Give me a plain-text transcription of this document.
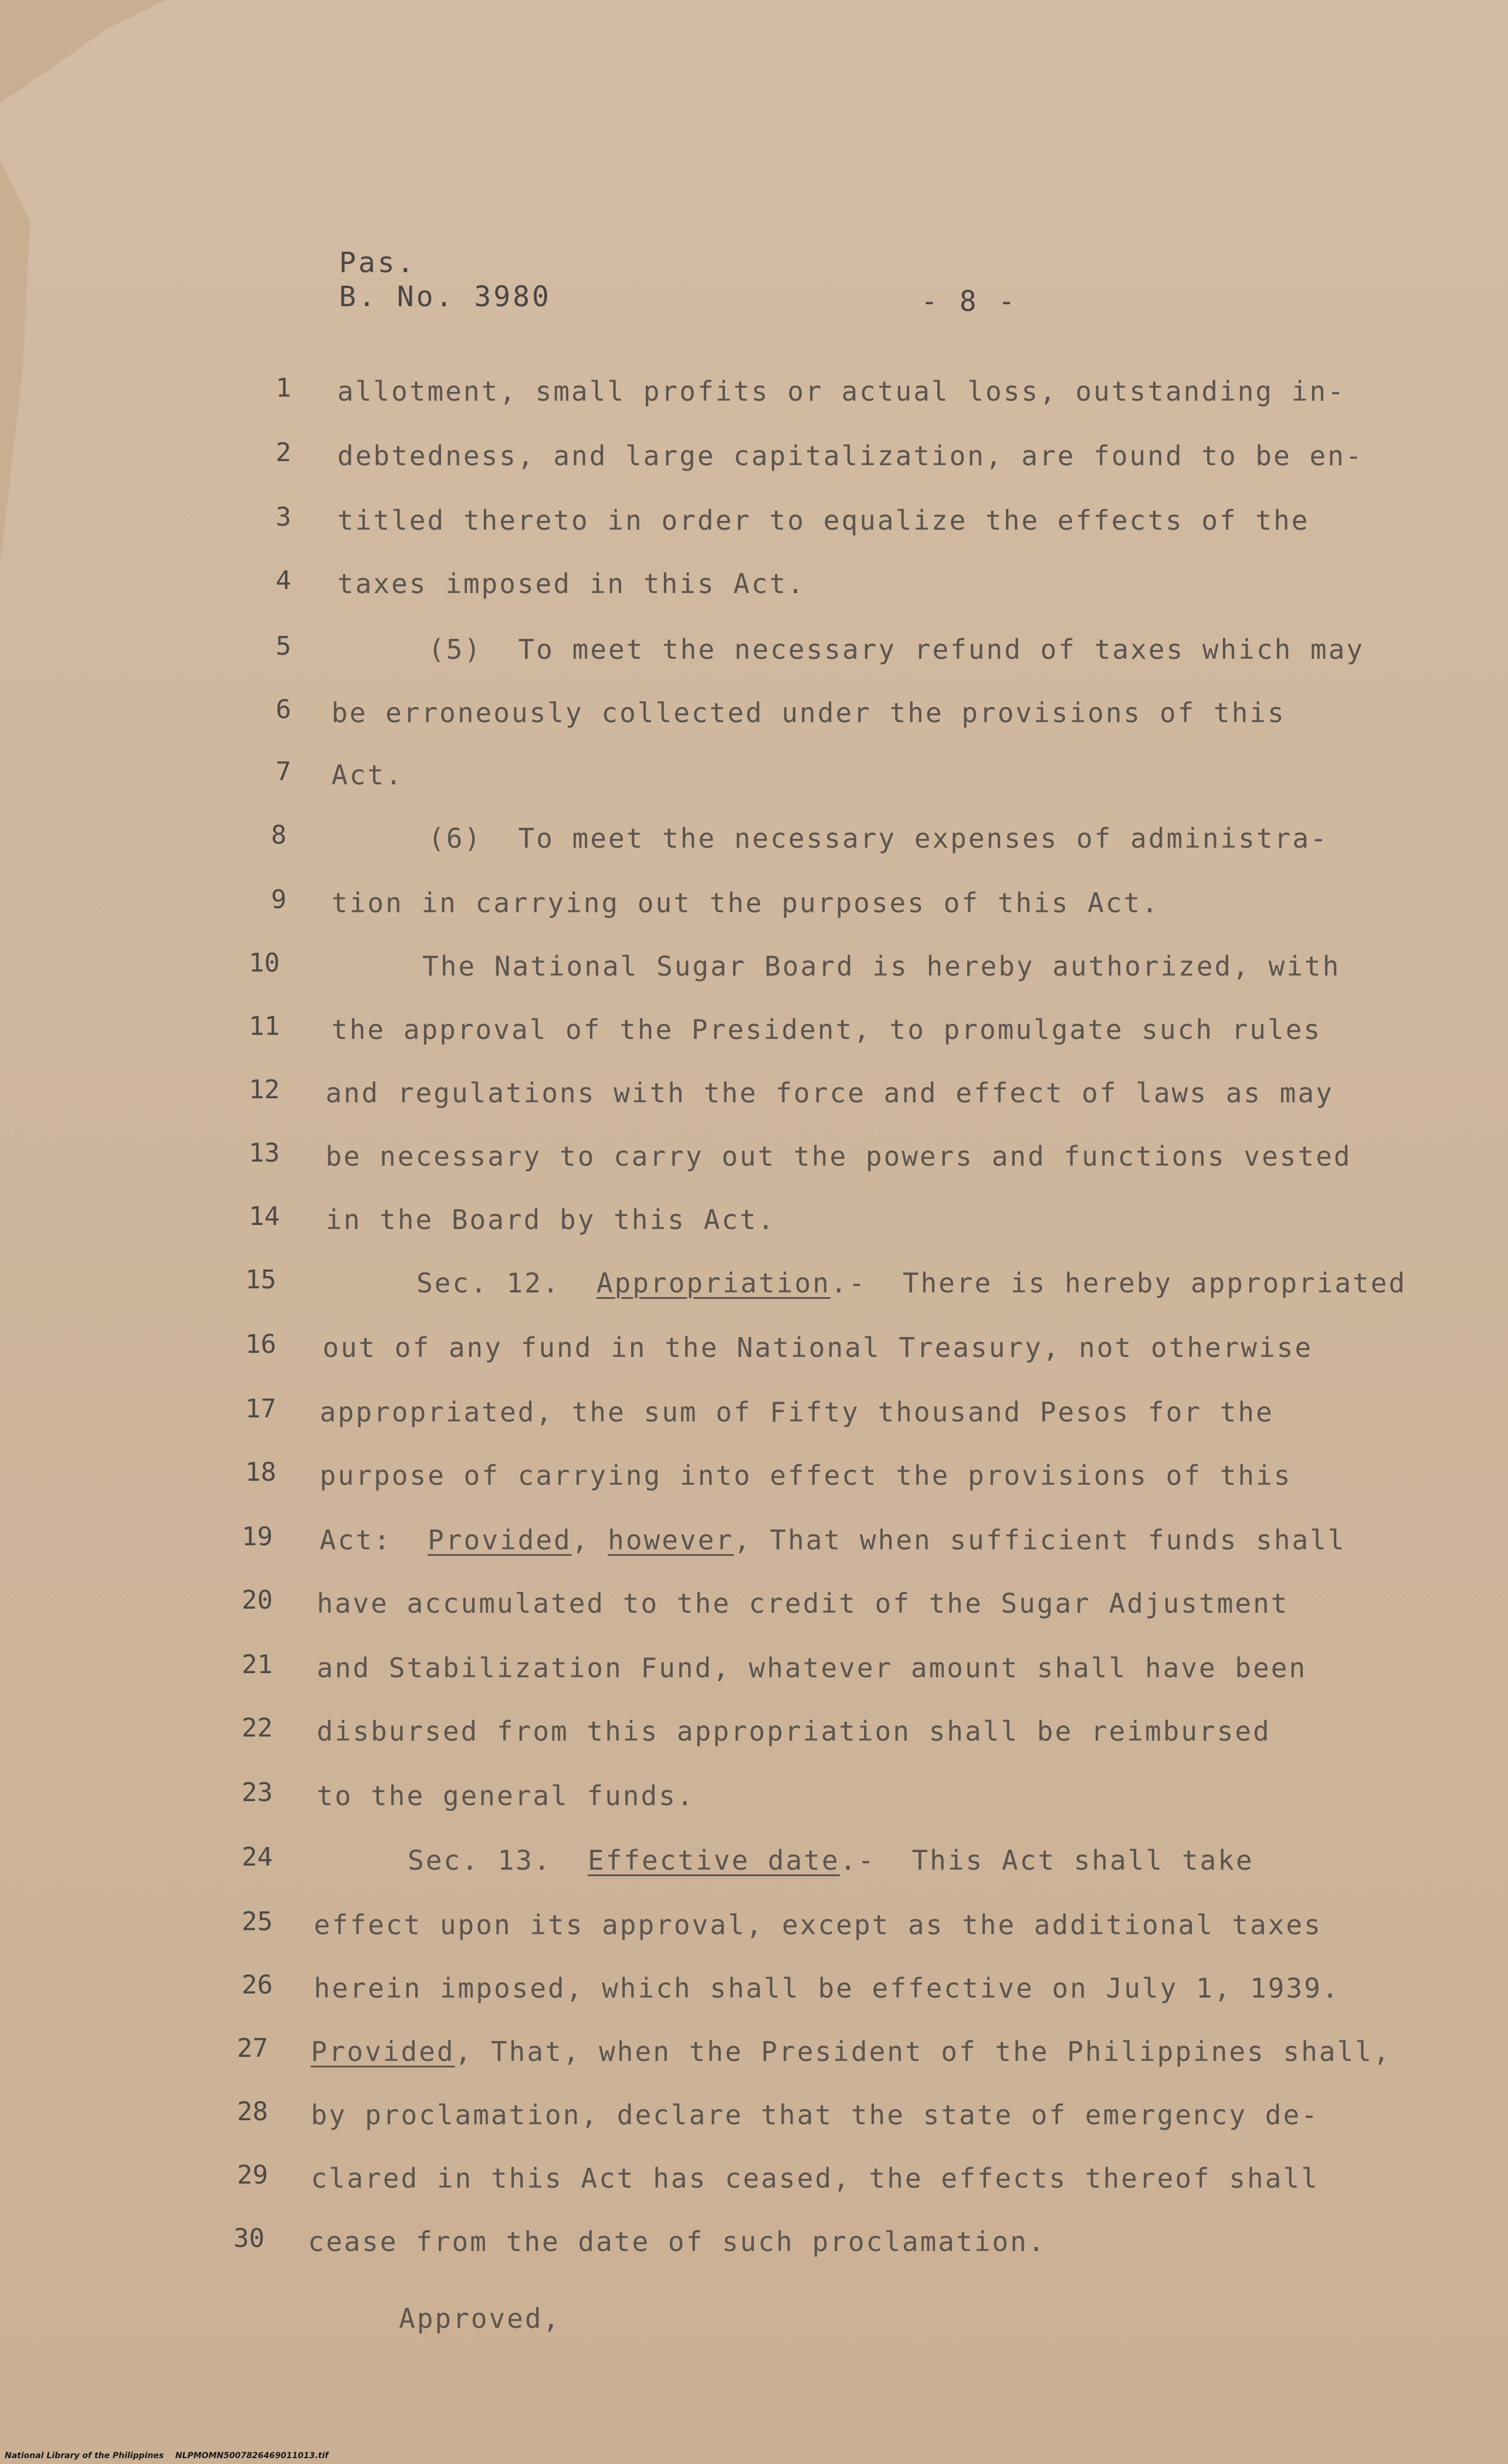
Pas.
B. No. 3980	- 8 -
1 allotment, small profits or actual loss, outstanding in-
2 debtedness, and large capitalization, are found to be en-
3 titled thereto in order to equalize the effects of the
4 taxes imposed in this Act.
5	(5)  To meet the necessary refund of taxes which may
6 be erroneously collected under the provisions of this
7 Act.
8	(6)  To meet the necessary expenses of administra-
9 tion in carrying out the purposes of this Act.
10	The National Sugar Board is hereby authorized, with
11 the approval of the President, to promulgate such rules
12 and regulations with the force and effect of laws as may
13 be necessary to carry out the powers and functions vested
14 in the Board by this Act.
15	Sec. 12.  Appropriation.-  There is hereby appropriated
16 out of any fund in the National Treasury, not otherwise
17 appropriated, the sum of Fifty thousand Pesos for the
18 purpose of carrying into effect the provisions of this
19 Act:  Provided, however, That when sufficient funds shall
20 have accumulated to the credit of the Sugar Adjustment
21 and Stabilization Fund, whatever amount shall have been
22 disbursed from this appropriation shall be reimbursed
23 to the general funds.
24	Sec. 13.  Effective date.-  This Act shall take
25 effect upon its approval, except as the additional taxes
26 herein imposed, which shall be effective on July 1, 1939.
27 Provided, That, when the President of the Philippines shall,
28 by proclamation, declare that the state of emergency de-
29 clared in this Act has ceased, the effects thereof shall
30 cease from the date of such proclamation.
Approved,
National Library of the Philippines    NLPMOMN5007826469011013.tif
